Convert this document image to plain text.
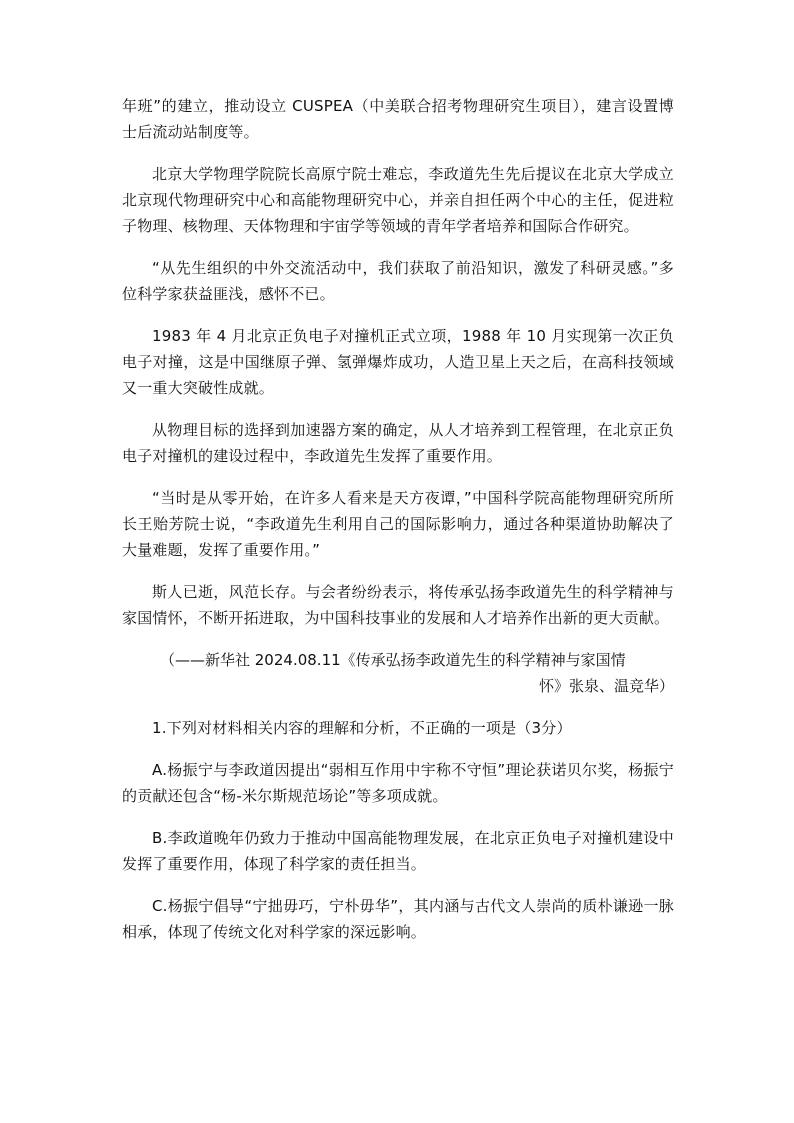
年班”的建立，推动设立 CUSPEA（中美联合招考物理研究生项目），建言设置博士后流动站制度等。

北京大学物理学院院长高原宁院士难忘，李政道先生先后提议在北京大学成立北京现代物理研究中心和高能物理研究中心，并亲自担任两个中心的主任，促进粒子物理、核物理、天体物理和宇宙学等领域的青年学者培养和国际合作研究。

“从先生组织的中外交流活动中，我们获取了前沿知识，激发了科研灵感。”多位科学家获益匪浅，感怀不已。

1983 年 4 月北京正负电子对撞机正式立项，1988 年 10 月实现第一次正负电子对撞，这是中国继原子弹、氢弹爆炸成功，人造卫星上天之后，在高科技领域又一重大突破性成就。

从物理目标的选择到加速器方案的确定，从人才培养到工程管理，在北京正负电子对撞机的建设过程中，李政道先生发挥了重要作用。

“当时是从零开始，在许多人看来是天方夜谭，”中国科学院高能物理研究所所长王贻芳院士说，“李政道先生利用自己的国际影响力，通过各种渠道协助解决了大量难题，发挥了重要作用。”

斯人已逝，风范长存。与会者纷纷表示，将传承弘扬李政道先生的科学精神与家国情怀，不断开拓进取，为中国科技事业的发展和人才培养作出新的更大贡献。

（——新华社 2024.08.11《传承弘扬李政道先生的科学精神与家国情
怀》张泉、温竞华）

1.下列对材料相关内容的理解和分析，不正确的一项是（3分）

A.杨振宁与李政道因提出“弱相互作用中宇称不守恒”理论获诺贝尔奖，杨振宁的贡献还包含“杨-米尔斯规范场论”等多项成就。

B.李政道晚年仍致力于推动中国高能物理发展，在北京正负电子对撞机建设中发挥了重要作用，体现了科学家的责任担当。

C.杨振宁倡导“宁拙毋巧，宁朴毋华”，其内涵与古代文人崇尚的质朴谦逊一脉相承，体现了传统文化对科学家的深远影响。
